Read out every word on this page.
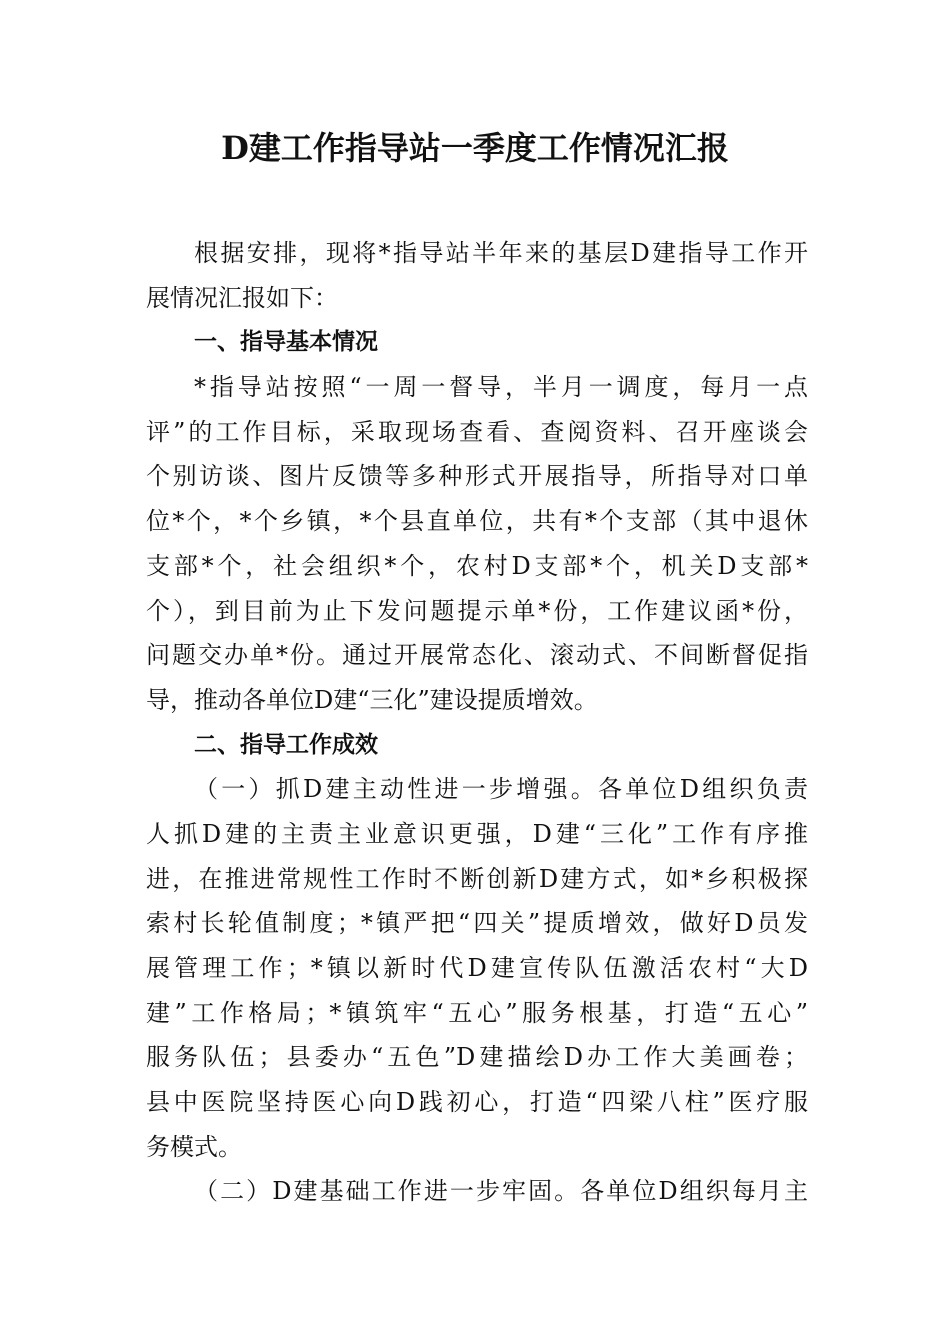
D建工作指导站一季度工作情况汇报
根据安排，现将*指导站半年来的基层D建指导工作开
展情况汇报如下：
一、指导基本情况
*指导站按照“一周一督导，半月一调度，每月一点
评”的工作目标，采取现场查看、查阅资料、召开座谈会
个别访谈、图片反馈等多种形式开展指导，所指导对口单
位*个，*个乡镇，*个县直单位，共有*个支部（其中退休
支部*个，社会组织*个，农村D支部*个，机关D支部*
个），到目前为止下发问题提示单*份，工作建议函*份，
问题交办单*份。通过开展常态化、滚动式、不间断督促指
导，推动各单位D建“三化”建设提质增效。
二、指导工作成效
（一）抓D建主动性进一步增强。各单位D组织负责
人抓D建的主责主业意识更强，D建“三化”工作有序推
进，在推进常规性工作时不断创新D建方式，如*乡积极探
索村长轮值制度；*镇严把“四关”提质增效，做好D员发
展管理工作；*镇以新时代D建宣传队伍激活农村“大D
建”工作格局；*镇筑牢“五心”服务根基，打造“五心”
服务队伍；县委办“五色”D建描绘D办工作大美画卷；
县中医院坚持医心向D践初心，打造“四梁八柱”医疗服
务模式。
（二）D建基础工作进一步牢固。各单位D组织每月主
